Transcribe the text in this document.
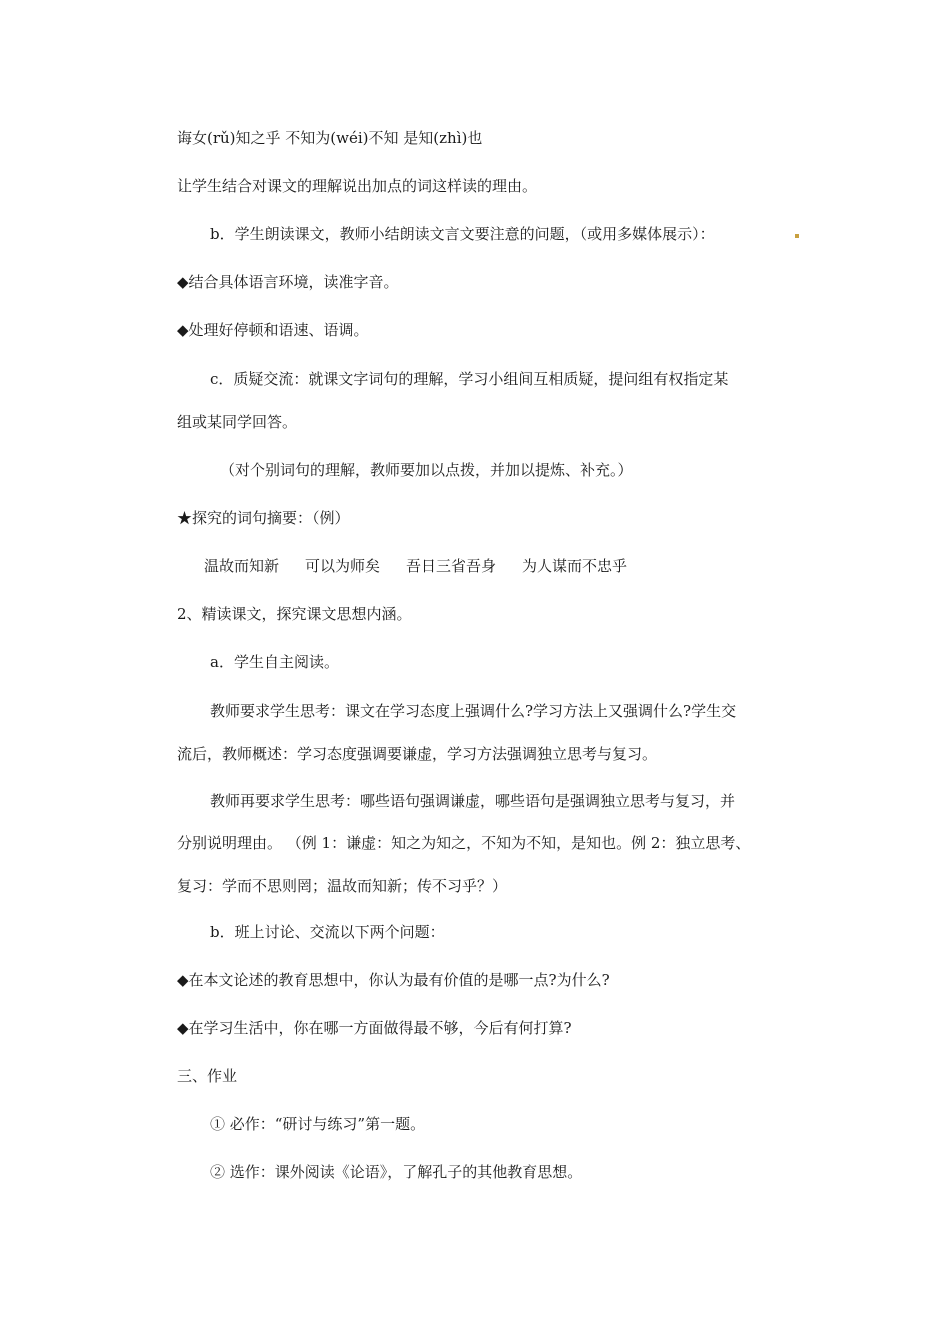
诲女(rǔ)知之乎 不知为(wéi)不知 是知(zhì)也
让学生结合对课文的理解说出加点的词这样读的理由。
b．学生朗读课文，教师小结朗读文言文要注意的问题，（或用多媒体展示）：
◆结合具体语言环境，读准字音。
◆处理好停顿和语速、语调。
c．质疑交流：就课文字词句的理解，学习小组间互相质疑，提问组有权指定某
组或某同学回答。
（对个别词句的理解，教师要加以点拨，并加以提炼、补充。）
★探究的词句摘要：（例）
温故而知新 可以为师矣 吾日三省吾身 为人谋而不忠乎
2、精读课文，探究课文思想内涵。
a．学生自主阅读。
教师要求学生思考：课文在学习态度上强调什么?学习方法上又强调什么?学生交
流后，教师概述：学习态度强调要谦虚，学习方法强调独立思考与复习。
教师再要求学生思考：哪些语句强调谦虚，哪些语句是强调独立思考与复习，并
分别说明理由。 （例 1：谦虚：知之为知之，不知为不知，是知也。例 2：独立思考、
复习：学而不思则罔；温故而知新；传不习乎？）
b．班上讨论、交流以下两个问题：
◆在本文论述的教育思想中，你认为最有价值的是哪一点?为什么?
◆在学习生活中，你在哪一方面做得最不够，今后有何打算?
三、作业
① 必作：“研讨与练习”第一题。
② 选作：课外阅读《论语》，了解孔子的其他教育思想。
